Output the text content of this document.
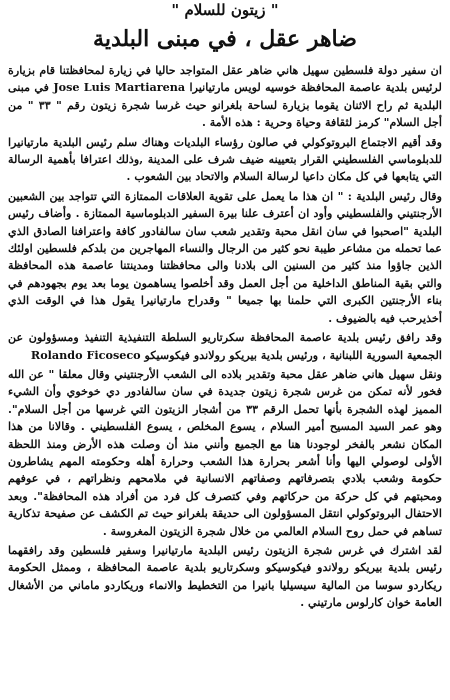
" زيتون للسلام "
ضاهر عقل ، في مبنى البلدية

ان سفير دولة فلسطين سهيل هاني ضاهر عقل المتواجد حاليا في زيارة لمحافظتنا قام بزيارة لرئيس بلدية عاصمة المحافظة خوسيه لويس مارتيانيرا Jose Luis Martiarena في مبنى البلدية ثم راح الاثنان يقوما بزيارة لساحة بلغرانو حيث غرسا شجرة زيتون رقم " ٣٣ " من أجل السلام" كرمز لثقافة وحياة وحرية : هذه الأمة .

وقد أقيم الاجتماع البروتوكولي في صالون رؤساء البلديات وهناك سلم رئيس البلدية مارتيانيرا للدبلوماسي الفلسطيني القرار بتعيينه ضيف شرف على المدينة ,وذلك اعترافا بأهمية الرسالة التي يتابعها في كل مكان داعيا لرسالة السلام والاتحاد بين الشعوب .

وقال رئيس البلدية : " ان هذا ما يعمل على تقوية العلاقات الممتازة التي تتواجد بين الشعبين الأرجنتيني والفلسطيني وأود ان أعترف علنا بيرة السفير الدبلوماسية الممتازة . وأضاف رئيس البلدية "اصحبوا في سان انقل محبة وتقدير شعب سان سالفادور كافة واعترافنا الصادق الذي عما تحمله من مشاعر طيبة نحو كثير من الرجال والنساء المهاجرين من بلدكم فلسطين اولئك الذين جاؤوا منذ كثير من السنين الى بلادنا والى محافظتنا ومدينتنا عاصمة هذه المحافظة والتي بقية المناطق الداخلية من أجل العمل وقد أخلصوا يساهمون يوما بعد يوم بجهودهم في بناء الأرجنتين الكبرى التي حلمنا بها جميعا " وقدراح مارتيانيرا يقول هذا في الوقت الذي أخذيرحب فيه بالضيوف .

وقد رافق رئيس بلدية عاصمة المحافظة سكرتاريو السلطة التنفيذية التنفيذ ومسؤولون عن الجمعية السورية اللبنانية ، ورئيس بلدية بيريكو رولاندو فيكوسيكو Rolando Ficoseco

ونقل سهيل هاني ضاهر عقل محبة وتقدير بلاده الى الشعب الأرجنتيني وقال معلقا " عن الله فخور لأنه تمكن من غرس شجرة زيتون جديدة في سان سالفادور دي خوخوي وأن الشيء المميز لهذه الشجرة بأنها تحمل الرقم ٣٣ من أشجار الزيتون التي غرسها من أجل السلام". وهو عمر السيد المسيح أمير السلام ، يسوع المخلص ، يسوع الفلسطيني . وقالانا من هذا المكان نشعر بالفخر لوجودنا هنا مع الجميع وأنني منذ أن وصلت هذه الأرض ومنذ اللحظة الأولى لوصولي اليها وأنا أشعر بحرارة هذا الشعب وحرارة أهله وحكومته المهم يشاطرون حكومة وشعب بلادي بتصرفاتهم وصفاتهم الانسانية في ملامحهم ونظراتهم ، في عوفهم ومحبتهم في كل حركة من حركاتهم وفي كتصرف كل فرد من أفراد هذه المحافظة". وبعد الاحتفال البروتوكولي انتقل المسؤولون الى حديقة بلغرانو حيث تم الكشف عن صفيحة تذكارية تساهم في حمل روح السلام العالمي من خلال شجرة الزيتون المغروسة .

لقد اشترك في غرس شجرة الزيتون رئيس البلدية مارتيانيرا وسفير فلسطين وقد رافقهما رئيس بلدية بيريكو رولاندو فيكوسيكو وسكرتاريو بلدية عاصمة المحافظة ، وممثل الحكومة ريكاردو سوسا من المالية سيسيليا بانيرا من التخطيط والانماء وريكاردو ماماني من الأشغال العامة خوان كارلوس مارتيني .
